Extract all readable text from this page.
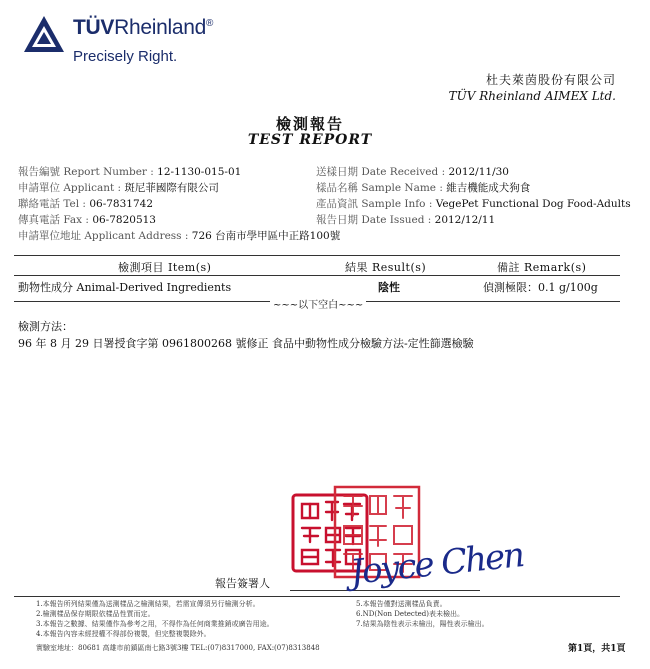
TÜVRheinland®
Precisely Right.
杜夫萊茵股份有限公司
TÜV Rheinland AIMEX Ltd.
檢測報告
TEST REPORT
報告編號 Report Number : 12-1130-015-01
申請單位 Applicant : 斑尼菲國際有限公司
聯絡電話 Tel : 06-7831742
傳真電話 Fax : 06-7820513
申請單位地址 Applicant Address : 726 台南市學甲區中正路100號
送樣日期 Date Received : 2012/11/30
樣品名稱 Sample Name : 維吉機能成犬狗食
產品資訊 Sample Info : VegePet Functional Dog Food-Adults
報告日期 Date Issued : 2012/12/11
檢測項目 Item(s)	結果 Result(s)	備註 Remark(s)
動物性成分 Animal-Derived Ingredients	陰性	偵測極限：0.1 g/100g
~~~以下空白~~~
檢測方法：
96 年 8 月 29 日署授食字第 0961800268 號修正 食品中動物性成分檢驗方法-定性篩選檢驗
報告簽署人 Joyce Chen
1.本報告所列結果僅為送測樣品之檢測結果，若需宣傳須另行檢測分析。
2.檢測樣品保存期限依樣品性質而定。
3.本報告之數據、結果僅作為參考之用，不得作為任何商業推銷或廣告用途。
4.本報告內容未經授權不得部份複製，但完整複製除外。
5.本報告僅對送測樣品負責。
6.ND(Non Detected)表未檢出。
7.結果為陰性表示未檢出，陽性表示檢出。
實驗室地址：80681 高雄市前鎮區南七路3號3樓 TEL:(07)8317000, FAX:(07)8313848	第1頁，共1頁
